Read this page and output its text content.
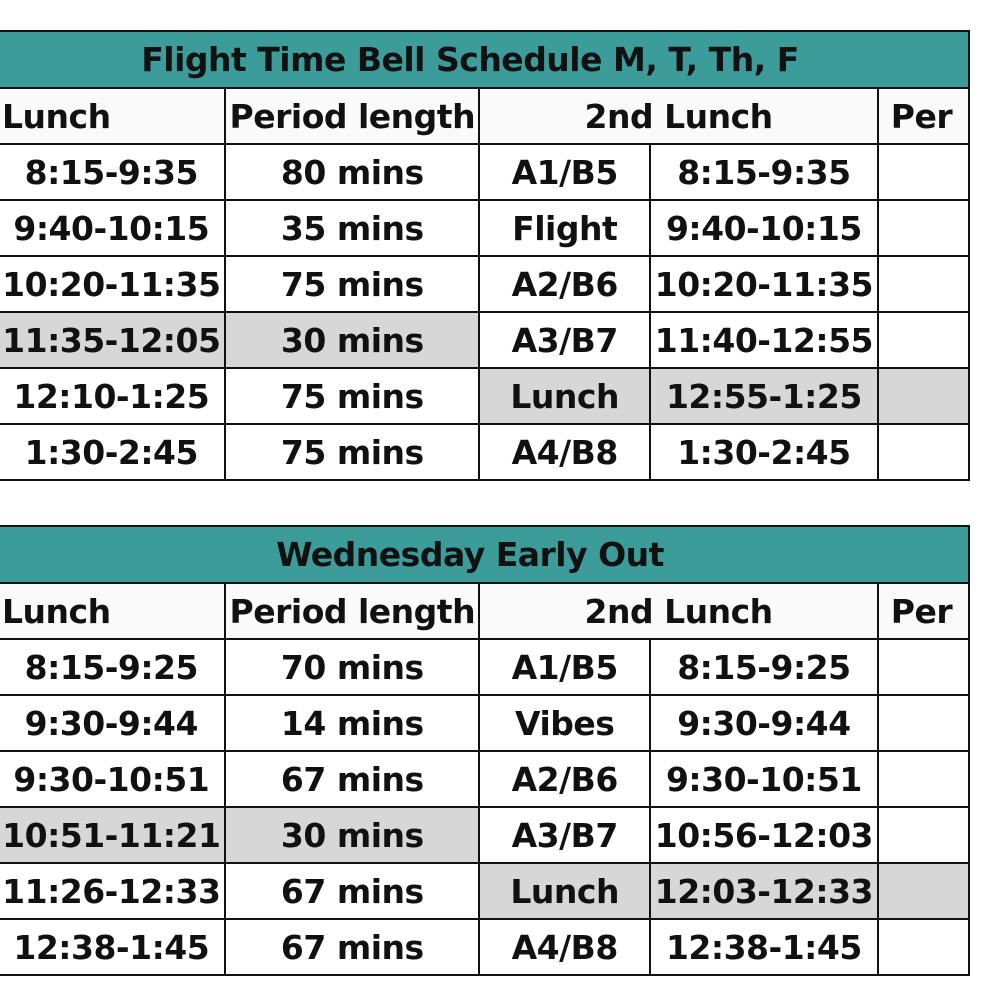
Flight Time Bell Schedule M, T, Th, F					
Lunch		Period length	2nd Lunch		Per
	8:15-9:35	80 mins	A1/B5	8:15-9:35	
	9:40-10:15	35 mins	Flight	9:40-10:15	
	10:20-11:35	75 mins	A2/B6	10:20-11:35	
	11:35-12:05	30 mins	A3/B7	11:40-12:55	
	12:10-1:25	75 mins	Lunch	12:55-1:25	
	1:30-2:45	75 mins	A4/B8	1:30-2:45	
Wednesday Early Out					
Lunch		Period length	2nd Lunch		Per
	8:15-9:25	70 mins	A1/B5	8:15-9:25	
	9:30-9:44	14 mins	Vibes	9:30-9:44	
	9:30-10:51	67 mins	A2/B6	9:30-10:51	
	10:51-11:21	30 mins	A3/B7	10:56-12:03	
	11:26-12:33	67 mins	Lunch	12:03-12:33	
	12:38-1:45	67 mins	A4/B8	12:38-1:45	
